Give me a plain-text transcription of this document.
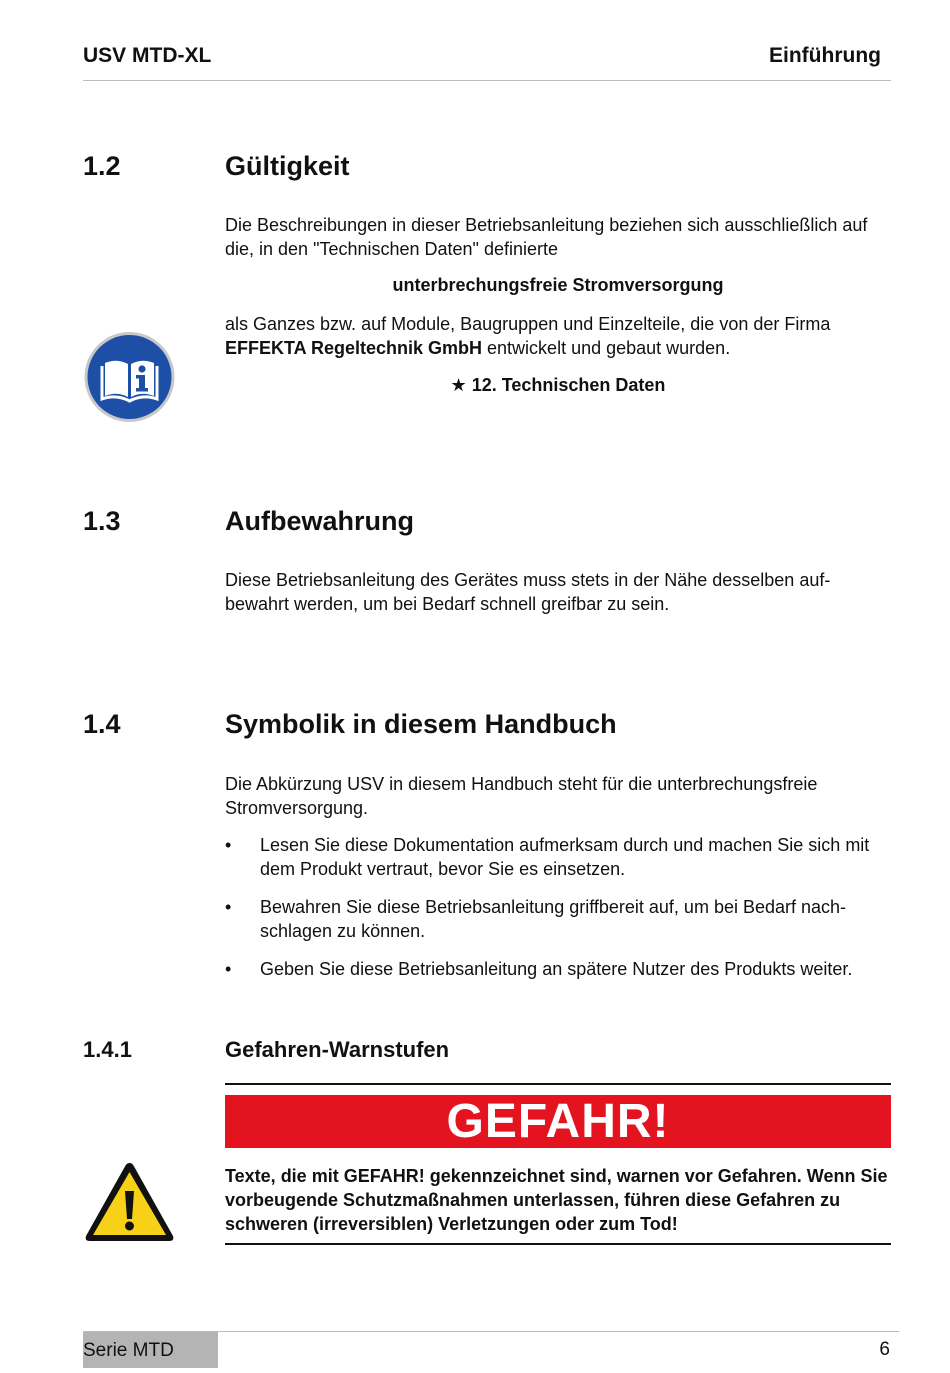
USV MTD-XL	Einführung
1.2	Gültigkeit
Die Beschreibungen in dieser Betriebsanleitung beziehen sich ausschließlich auf die, in den "Technischen Daten" definierte
unterbrechungsfreie Stromversorgung
als Ganzes bzw. auf Module, Baugruppen und Einzelteile, die von der Firma EFFEKTA Regeltechnik GmbH entwickelt und gebaut wurden.
★ 12. Technischen Daten
1.3	Aufbewahrung
Diese Betriebsanleitung des Gerätes muss stets in der Nähe desselben auf-bewahrt werden, um bei Bedarf schnell greifbar zu sein.
1.4	Symbolik in diesem Handbuch
Die Abkürzung USV in diesem Handbuch steht für die unterbrechungsfreie Stromversorgung.
• Lesen Sie diese Dokumentation aufmerksam durch und machen Sie sich mit dem Produkt vertraut, bevor Sie es einsetzen.
• Bewahren Sie diese Betriebsanleitung griffbereit auf, um bei Bedarf nach-schlagen zu können.
• Geben Sie diese Betriebsanleitung an spätere Nutzer des Produkts weiter.
1.4.1	Gefahren-Warnstufen
GEFAHR!
Texte, die mit GEFAHR! gekennzeichnet sind, warnen vor Gefahren. Wenn Sie vorbeugende Schutzmaßnahmen unterlassen, führen diese Gefahren zu schweren (irreversiblen) Verletzungen oder zum Tod!
Serie MTD	6
